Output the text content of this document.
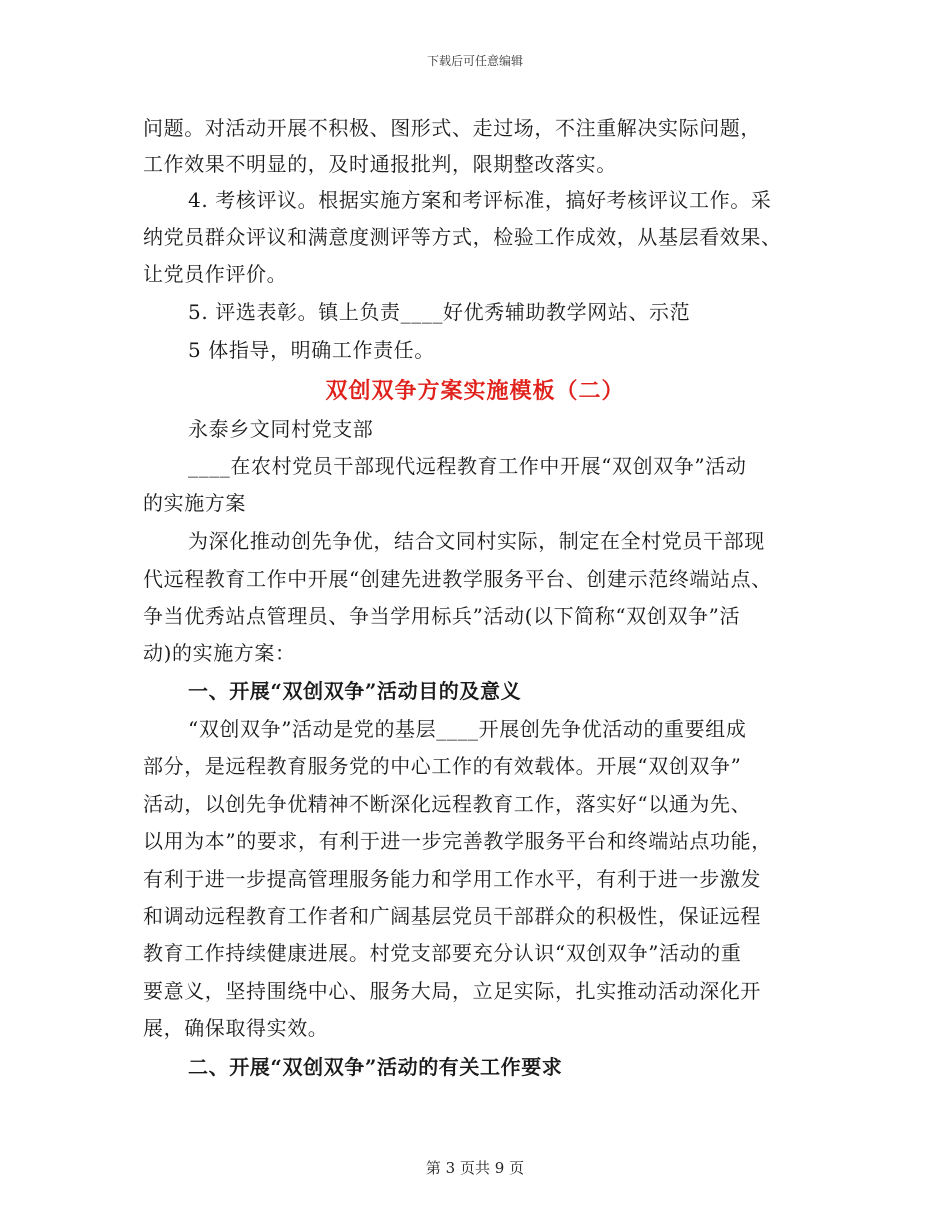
下载后可任意编辑
问题。对活动开展不积极、图形式、走过场，不注重解决实际问题，
工作效果不明显的，及时通报批判，限期整改落实。
4. 考核评议。根据实施方案和考评标准，搞好考核评议工作。采
纳党员群众评议和满意度测评等方式，检验工作成效，从基层看效果、
让党员作评价。
5. 评选表彰。镇上负责____好优秀辅助教学网站、示范
5 体指导，明确工作责任。
双创双争方案实施模板（二）
永泰乡文同村党支部
____在农村党员干部现代远程教育工作中开展“双创双争”活动
的实施方案
为深化推动创先争优，结合文同村实际，制定在全村党员干部现
代远程教育工作中开展“创建先进教学服务平台、创建示范终端站点、
争当优秀站点管理员、争当学用标兵”活动(以下简称“双创双争”活
动)的实施方案：
一、开展“双创双争”活动目的及意义
“双创双争”活动是党的基层____开展创先争优活动的重要组成
部分，是远程教育服务党的中心工作的有效载体。开展“双创双争”
活动，以创先争优精神不断深化远程教育工作，落实好“以通为先、
以用为本”的要求，有利于进一步完善教学服务平台和终端站点功能，
有利于进一步提高管理服务能力和学用工作水平，有利于进一步激发
和调动远程教育工作者和广阔基层党员干部群众的积极性，保证远程
教育工作持续健康进展。村党支部要充分认识“双创双争”活动的重
要意义，坚持围绕中心、服务大局，立足实际，扎实推动活动深化开
展，确保取得实效。
二、开展“双创双争”活动的有关工作要求
第 3 页共 9 页
